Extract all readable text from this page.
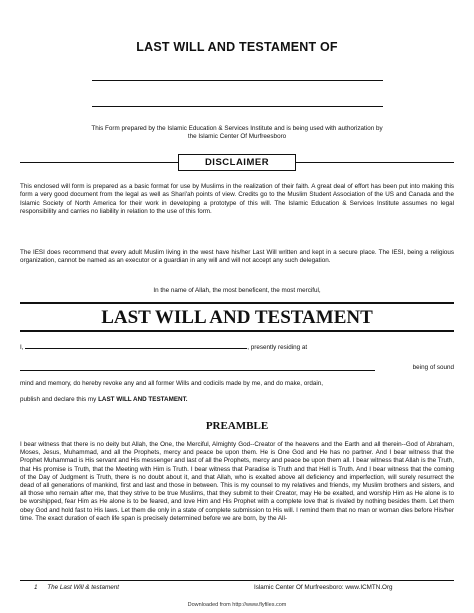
LAST WILL AND TESTAMENT OF
This Form prepared by the Islamic Education & Services Institute and is being used with authorization by
the Islamic Center Of Murfreesboro
DISCLAIMER
This enclosed will form is prepared as a basic format for use by Muslims in the realization of their faith. A great deal of effort has been put into making this form a very good document from the legal as well as Shari'ah points of view. Credits go to the Muslim Student Association of the US and Canada and the Islamic Society of North America for their work in developing a prototype of this will. The Islamic Education & Services Institute assumes no legal responsibility and carries no liability in relation to the use of this form.
The IESI does recommend that every adult Muslim living in the west have his/her Last Will written and kept in a secure place. The IESI, being a religious organization, cannot be named as an executor or a guardian in any will and will not accept any such delegation.
In the name of Allah, the most beneficent, the most merciful,
LAST WILL AND TESTAMENT
I,	, presently residing at
being of sound
mind and memory, do hereby revoke any and all former Wills and codicils made by me, and do make, ordain,
publish and declare this my LAST WILL AND TESTAMENT.
PREAMBLE
I bear witness that there is no deity but Allah, the One, the Merciful, Almighty God--Creator of the heavens and the Earth and all therein--God of Abraham, Moses, Jesus, Muhammad, and all the Prophets, mercy and peace be upon them. He is One God and He has no partner. And I bear witness that the Prophet Muhammad is His servant and His messenger and last of all the Prophets, mercy and peace be upon them all. I bear witness that Allah is the Truth, that His promise is Truth, that the Meeting with Him is Truth. I bear witness that Paradise is Truth and that Hell is Truth. And I bear witness that the coming of the Day of Judgment is Truth, there is no doubt about it, and that Allah, who is exalted above all deficiency and imperfection, will surely resurrect the dead of all generations of mankind, first and last and those in between. This is my counsel to my relatives and friends, my Muslim brothers and sisters, and all those who remain after me, that they strive to be true Muslims, that they submit to their Creator, may He be exalted, and worship Him as He alone is to be worshipped, fear Him as He alone is to be feared, and love Him and His Prophet with a complete love that is rivaled by nothing besides them. Let them obey God and hold fast to His laws. Let them die only in a state of complete submission to His will. I remind them that no man or woman dies before His/her time. The exact duration of each life span is precisely determined before we are born, by the All-
1 The Last Will & testament	Islamic Center Of Murfreesboro: www.ICMTN.Org
Downloaded from http://www.flyfiles.com
